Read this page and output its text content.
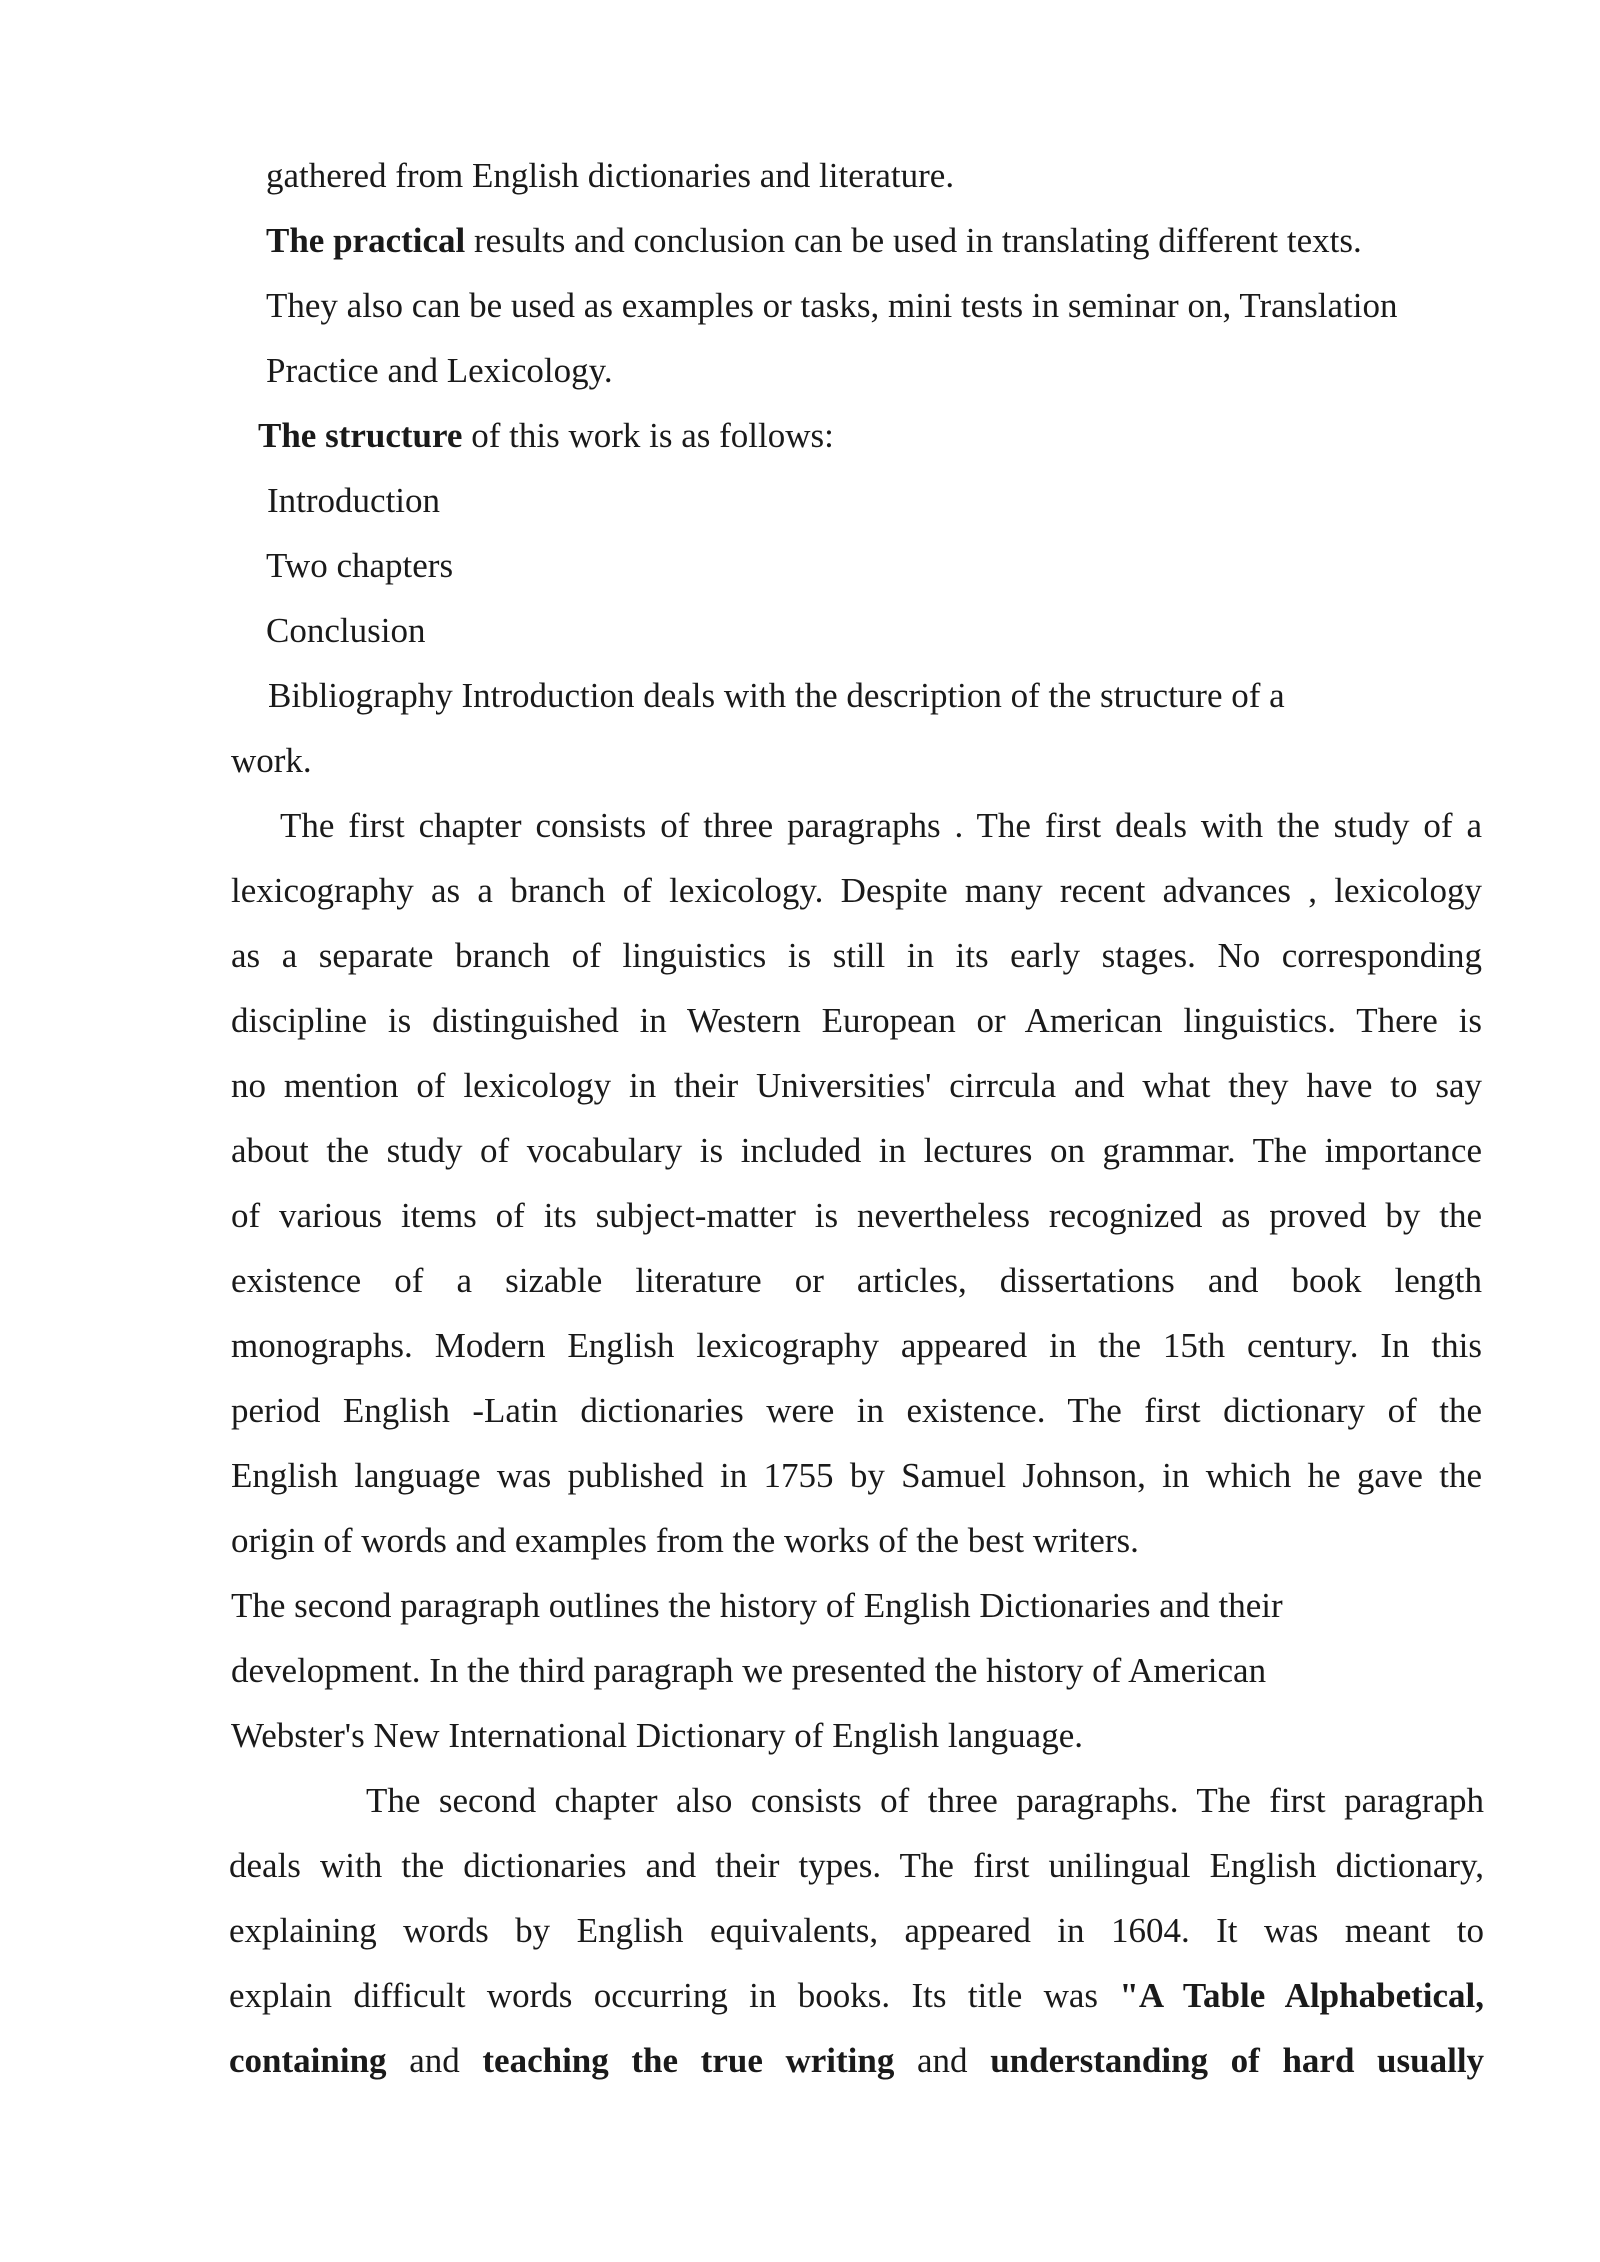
gathered from English dictionaries and literature.
The practical results and conclusion can be used in translating different texts.
They also can be used as examples or tasks, mini tests in seminar on, Translation
Practice and Lexicology.
The structure of this work is as follows:
Introduction
Two chapters
Conclusion
Bibliography Introduction deals with the description of the structure of a
work.
The first chapter consists of three paragraphs . The first deals with the study of a
lexicography as a branch of lexicology. Despite many recent advances , lexicology
as a separate branch of linguistics is still in its early stages. No corresponding
discipline is distinguished in Western European or American linguistics. There is
no mention of lexicology in their Universities' cirrcula and what they have to say
about the study of vocabulary is included in lectures on grammar. The importance
of various items of its subject-matter is nevertheless recognized as proved by the
existence of a sizable literature or articles, dissertations and book length
monographs. Modern English lexicography appeared in the 15th century. In this
period English -Latin dictionaries were in existence. The first dictionary of the
English language was published in 1755 by Samuel Johnson, in which he gave the
origin of words and examples from the works of the best writers.
The second paragraph outlines the history of English Dictionaries and their
development. In the third paragraph we presented the history of American
Webster's New International Dictionary of English language.
The second chapter also consists of three paragraphs. The first paragraph
deals with the dictionaries and their types. The first unilingual English dictionary,
explaining words by English equivalents, appeared in 1604. It was meant to
explain difficult words occurring in books. Its title was "A Table Alphabetical,
containing and teaching the true writing and understanding of hard usually
